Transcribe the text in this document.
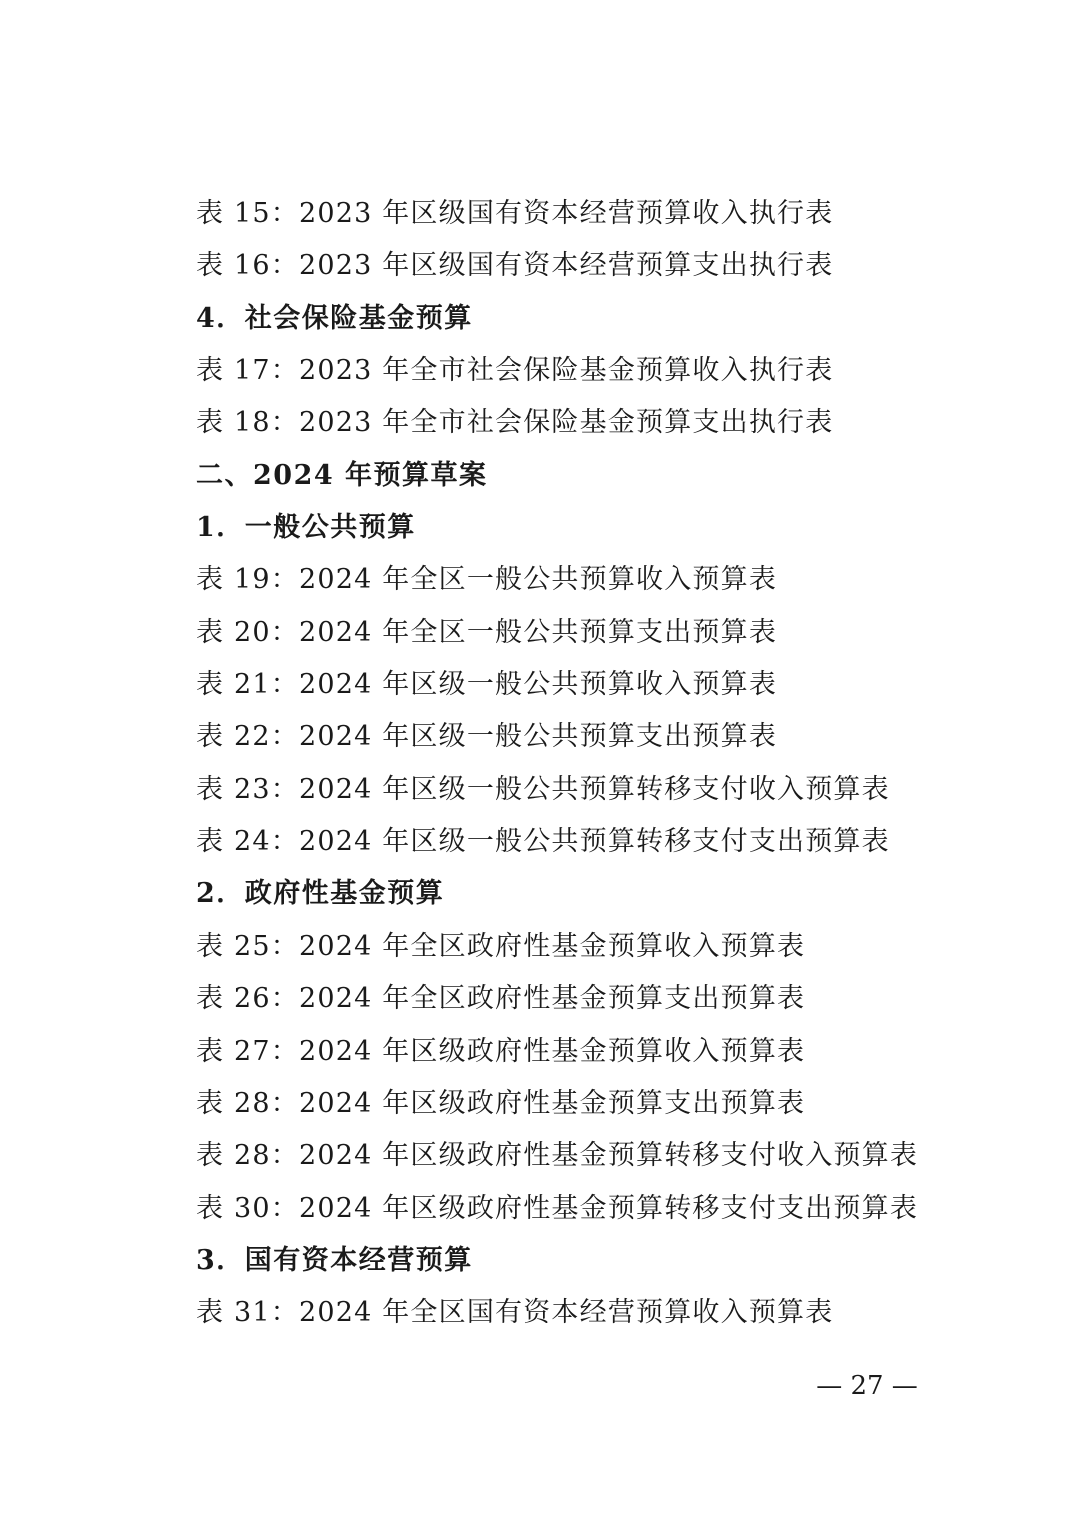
表 15：2023 年区级国有资本经营预算收入执行表
表 16：2023 年区级国有资本经营预算支出执行表
4．社会保险基金预算
表 17：2023 年全市社会保险基金预算收入执行表
表 18：2023 年全市社会保险基金预算支出执行表
二、2024 年预算草案
1．一般公共预算
表 19：2024 年全区一般公共预算收入预算表
表 20：2024 年全区一般公共预算支出预算表
表 21：2024 年区级一般公共预算收入预算表
表 22：2024 年区级一般公共预算支出预算表
表 23：2024 年区级一般公共预算转移支付收入预算表
表 24：2024 年区级一般公共预算转移支付支出预算表
2．政府性基金预算
表 25：2024 年全区政府性基金预算收入预算表
表 26：2024 年全区政府性基金预算支出预算表
表 27：2024 年区级政府性基金预算收入预算表
表 28：2024 年区级政府性基金预算支出预算表
表 28：2024 年区级政府性基金预算转移支付收入预算表
表 30：2024 年区级政府性基金预算转移支付支出预算表
3．国有资本经营预算
表 31：2024 年全区国有资本经营预算收入预算表
— 27 —
